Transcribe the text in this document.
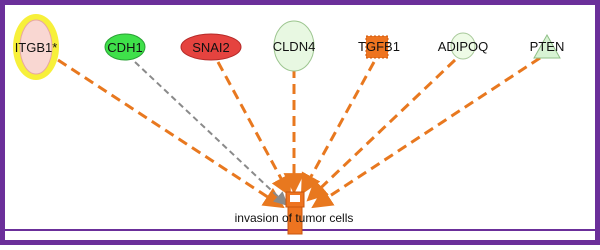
ITGB1*	CDH1	SNAI2	CLDN4	TGFB1	ADIPOQ	PTEN
invasion of tumor cells
